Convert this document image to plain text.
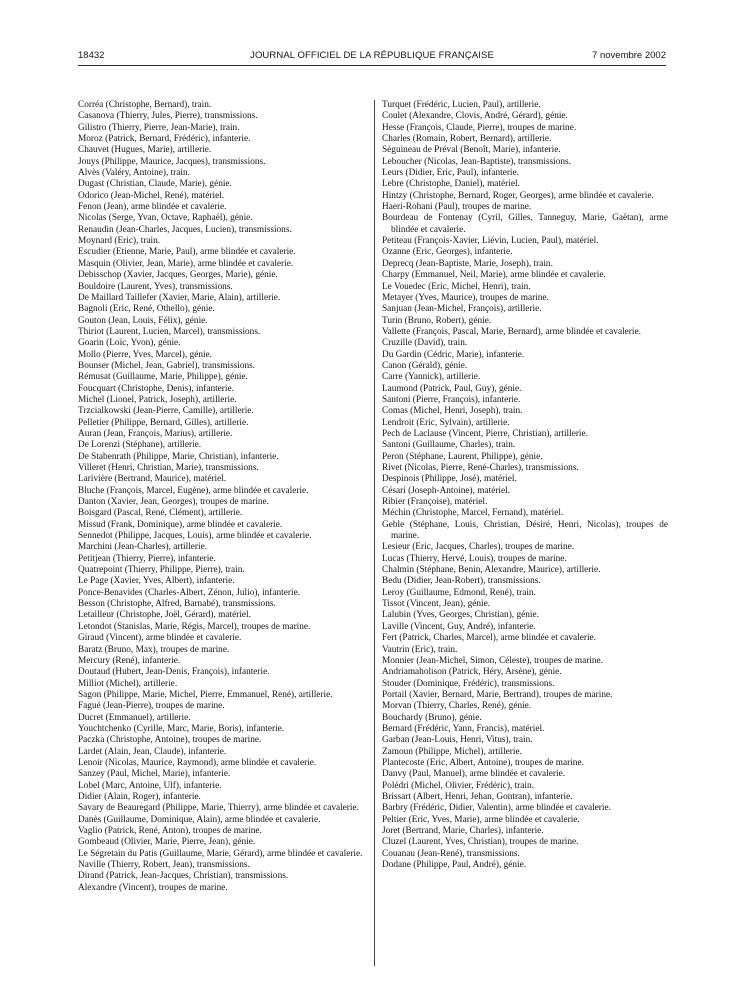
18432	JOURNAL OFFICIEL DE LA RÉPUBLIQUE FRANÇAISE	7 novembre 2002

Corréa (Christophe, Bernard), train.

Casanova (Thierry, Jules, Pierre), transmissions.

Gilistro (Thierry, Pierre, Jean-Marie), train.

Moroz (Patrick, Bernard, Frédéric), infanterie.

Chauvet (Hugues, Marie), artillerie.

Jouys (Philippe, Maurice, Jacques), transmissions.

Alvès (Valéry, Antoine), train.

Dugast (Christian, Claude, Marie), génie.

Odorico (Jean-Michel, René), matériel.

Fenon (Jean), arme blindée et cavalerie.

Nicolas (Serge, Yvan, Octave, Raphaël), génie.

Renaudin (Jean-Charles, Jacques, Lucien), transmissions.

Moynard (Eric), train.

Escudier (Etienne, Marie, Paul), arme blindée et cavalerie.

Masquin (Olivier, Jean, Marie), arme blindée et cavalerie.

Debisschop (Xavier, Jacques, Georges, Marie), génie.

Bouldoire (Laurent, Yves), transmissions.

De Maillard Taillefer (Xavier, Marie, Alain), artillerie.

Bagnoli (Eric, René, Othello), génie.

Gouton (Jean, Louis, Félix), génie.

Thiriot (Laurent, Lucien, Marcel), transmissions.

Goarin (Loïc, Yvon), génie.

Mollo (Pierre, Yves, Marcel), génie.

Bounser (Michel, Jean, Gabriel), transmissions.

Rémusat (Guillaume, Marie, Philippe), génie.

Foucquart (Christophe, Denis), infanterie.

Michel (Lionel, Patrick, Joseph), artillerie.

Trzcialkowski (Jean-Pierre, Camille), artillerie.

Pelletier (Philippe, Bernard, Gilles), artillerie.

Auran (Jean, François, Marius), artillerie.

De Lorenzi (Stéphane), artillerie.

De Stabenrath (Philippe, Marie, Christian), infanterie.

Villeret (Henri, Christian, Marie), transmissions.

Larivière (Bertrand, Maurice), matériel.

Bluche (François, Marcel, Eugène), arme blindée et cavalerie.

Danton (Xavier, Jean, Georges), troupes de marine.

Boisgard (Pascal, René, Clément), artillerie.

Missud (Frank, Dominique), arme blindée et cavalerie.

Sennedot (Philippe, Jacques, Louis), arme blindée et cavalerie.

Marchini (Jean-Charles), artillerie.

Petitjean (Thierry, Pierre), infanterie.

Quatrepoint (Thierry, Philippe, Pierre), train.

Le Page (Xavier, Yves, Albert), infanterie.

Ponce-Benavides (Charles-Albert, Zénon, Julio), infanterie.

Besson (Christophe, Alfred, Barnabé), transmissions.

Letailleur (Christophe, Joël, Gérard), matériel.

Letondot (Stanislas, Marie, Régis, Marcel), troupes de marine.

Giraud (Vincent), arme blindée et cavalerie.

Baratz (Bruno, Max), troupes de marine.

Mercury (René), infanterie.

Doutaud (Hubert, Jean-Denis, François), infanterie.

Milliot (Michel), artillerie.

Sagon (Philippe, Marie, Michel, Pierre, Emmanuel, René), artillerie.

Fagué (Jean-Pierre), troupes de marine.

Ducret (Emmanuel), artillerie.

Youchtchenko (Cyrille, Marc, Marie, Boris), infanterie.

Paczka (Christophe, Antoine), troupes de marine.

Lardet (Alain, Jean, Claude), infanterie.

Lenoir (Nicolas, Maurice, Raymond), arme blindée et cavalerie.

Sanzey (Paul, Michel, Marie), infanterie.

Lobel (Marc, Antoine, Ulf), infanterie.

Didier (Alain, Roger), infanterie.

Savary de Beauregard (Philippe, Marie, Thierry), arme blindée et cavalerie.

Danès (Guillaume, Dominique, Alain), arme blindée et cavalerie.

Vaglio (Patrick, René, Anton), troupes de marine.

Gombeaud (Olivier, Marie, Pierre, Jean), génie.

Le Ségretain du Patis (Guillaume, Marie, Gérard), arme blindée et cavalerie.

Naville (Thierry, Robert, Jean), transmissions.

Dirand (Patrick, Jean-Jacques, Christian), transmissions.

Alexandre (Vincent), troupes de marine.

Turquet (Frédéric, Lucien, Paul), artillerie.

Coulet (Alexandre, Clovis, André, Gérard), génie.

Hesse (François, Claude, Pierre), troupes de marine.

Charles (Romain, Robert, Bernard), artillerie.

Séguineau de Préval (Benoît, Marie), infanterie.

Leboucher (Nicolas, Jean-Baptiste), transmissions.

Leurs (Didier, Eric, Paul), infanterie.

Lebre (Christophe, Daniel), matériel.

Hintzy (Christophe, Bernard, Roger, Georges), arme blindée et cavalerie.

Haeri-Rohani (Paul), troupes de marine.

Bourdeau de Fontenay (Cyril, Gilles, Tanneguy, Marie, Gaëtan), arme blindée et cavalerie.

Petiteau (François-Xavier, Liévin, Lucien, Paul), matériel.

Ozanne (Eric, Georges), infanterie.

Deprecq (Jean-Baptiste, Marie, Joseph), train.

Charpy (Emmanuel, Neil, Marie), arme blindée et cavalerie.

Le Vouedec (Eric, Michel, Henri), train.

Metayer (Yves, Maurice), troupes de marine.

Sanjuan (Jean-Michel, François), artillerie.

Turin (Bruno, Robert), génie.

Vallette (François, Pascal, Marie, Bernard), arme blindée et cavalerie.

Cruzille (David), train.

Du Gardin (Cédric, Marie), infanterie.

Canon (Gérald), génie.

Carre (Yannick), artillerie.

Laumond (Patrick, Paul, Guy), génie.

Santoni (Pierre, François), infanterie.

Comas (Michel, Henri, Joseph), train.

Lendroit (Eric, Sylvain), artillerie.

Pech de Laclause (Vincent, Pierre, Christian), artillerie.

Santoni (Guillaume, Charles), train.

Peron (Stéphane, Laurent, Philippe), génie.

Rivet (Nicolas, Pierre, René-Charles), transmissions.

Despinois (Philippe, José), matériel.

Césari (Joseph-Antoine), matériel.

Ribier (Françoise), matériel.

Méchin (Christophe, Marcel, Fernand), matériel.

Geble (Stéphane, Louis, Christian, Désiré, Henri, Nicolas), troupes de marine.

Lesieur (Eric, Jacques, Charles), troupes de marine.

Lucas (Thierry, Hervé, Louis), troupes de marine.

Chalmin (Stéphane, Benin, Alexandre, Maurice), artillerie.

Bedu (Didier, Jean-Robert), transmissions.

Leroy (Guillaume, Edmond, René), train.

Tissot (Vincent, Jean), génie.

Lalubin (Yves, Georges, Christian), génie.

Laville (Vincent, Guy, André), infanterie.

Fert (Patrick, Charles, Marcel), arme blindée et cavalerie.

Vautrin (Eric), train.

Monnier (Jean-Michel, Simon, Céleste), troupes de marine.

Andriamaholison (Patrick, Héry, Arsène), génie.

Stouder (Dominique, Frédéric), transmissions.

Portail (Xavier, Bernard, Marie, Bertrand), troupes de marine.

Morvan (Thierry, Charles, René), génie.

Bouchardy (Bruno), génie.

Bernard (Frédéric, Yann, Francis), matériel.

Garban (Jean-Louis, Henri, Vitus), train.

Zamoun (Philippe, Michel), artillerie.

Plantecoste (Eric, Albert, Antoine), troupes de marine.

Danvy (Paul, Manuel), arme blindée et cavalerie.

Polédri (Michel, Olivier, Frédéric), train.

Brissart (Albert, Henri, Jehan, Gontran), infanterie.

Barbry (Frédéric, Didier, Valentin), arme blindée et cavalerie.

Peltier (Eric, Yves, Marie), arme blindée et cavalerie.

Joret (Bertrand, Marie, Charles), infanterie.

Cluzel (Laurent, Yves, Christian), troupes de marine.

Couanau (Jean-René), transmissions.

Dodane (Philippe, Paul, André), génie.
